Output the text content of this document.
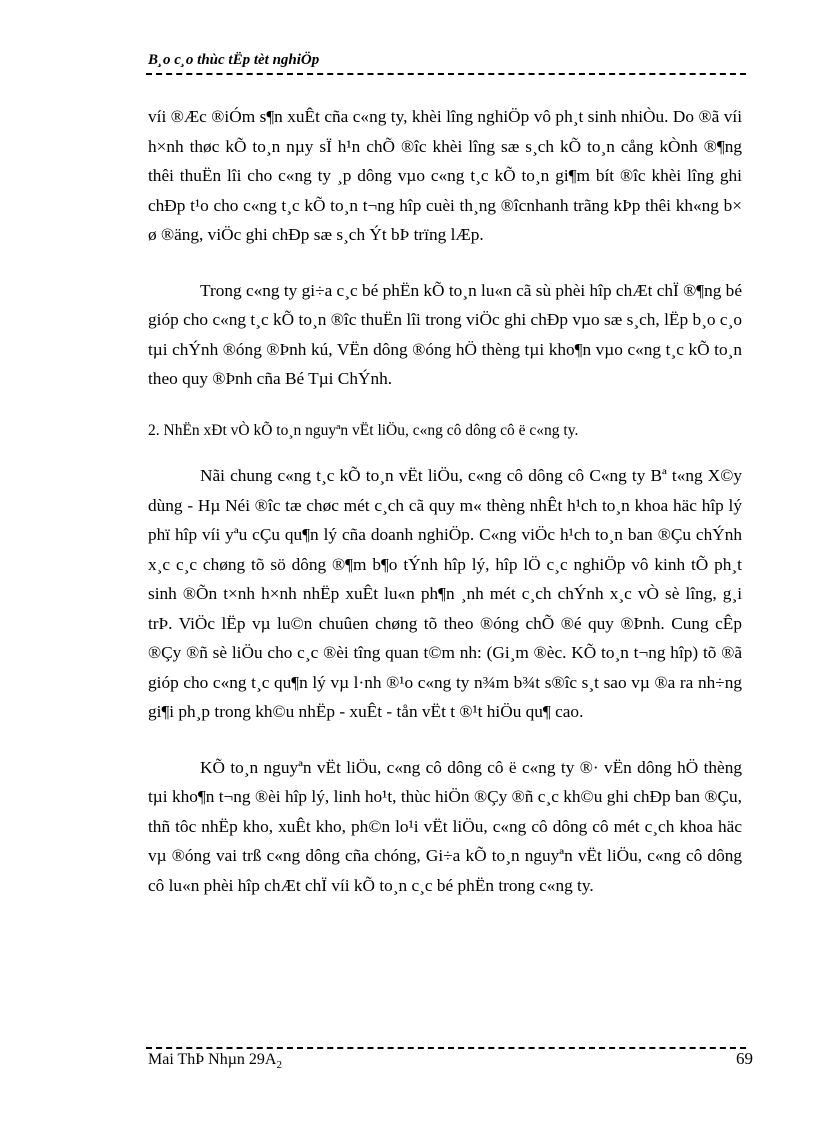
B¸o c¸o thùc tËp tèt nghiÖp

víi ®Æc ®iÓm s¶n xuÊt cña c«ng ty, khèi lîng nghiÖp vô ph¸t sinh nhiÒu. Do ®ã víi h×nh thøc kÕ to¸n nµy sÏ h¹n chÕ ®îc khèi lîng sæ s¸ch kÕ to¸n cång kÒnh ®¶ng thêi thuËn lîi cho c«ng ty ¸p dông vµo c«ng t¸c kÕ to¸n gi¶m bít ®îc khèi lîng ghi chÐp t¹o cho c«ng t¸c kÕ to¸n t¬ng hîp cuèi th¸ng ®îcnhanh trãng kÞp thêi kh«ng b× ø ®äng, viÖc ghi chÐp sæ s¸ch Ýt bÞ trïng lÆp.

Trong c«ng ty gi÷a c¸c bé phËn kÕ to¸n lu«n cã sù phèi hîp chÆt chÏ ®¶ng bé gióp cho c«ng t¸c kÕ to¸n ®îc thuËn lîi trong viÖc ghi chÐp vµo sæ s¸ch, lËp b¸o c¸o tµi chÝnh ®óng ®Þnh kú, VËn dông ®óng hÖ thèng tµi kho¶n vµo c«ng t¸c kÕ to¸n theo quy ®Þnh cña Bé Tµi ChÝnh.

2. NhËn xÐt vÒ kÕ to¸n nguyªn vËt liÖu, c«ng cô dông cô ë c«ng ty.

Nãi chung c«ng t¸c kÕ to¸n vËt liÖu, c«ng cô dông cô C«ng ty Bª t«ng X©y dùng - Hµ Néi ®îc tæ chøc mét c¸ch cã quy m« thèng nhÊt h¹ch to¸n khoa häc hîp lý phï hîp víi yªu cÇu qu¶n lý cña doanh nghiÖp. C«ng viÖc h¹ch to¸n ban ®Çu chÝnh x¸c c¸c chøng tõ sö dông ®¶m b¶o tÝnh hîp lý, hîp lÖ c¸c nghiÖp vô kinh tÕ ph¸t sinh ®Õn t×nh h×nh nhËp xuÊt lu«n ph¶n ¸nh mét c¸ch chÝnh x¸c vÒ sè lîng, g¸i trÞ. ViÖc lËp vµ lu©n chuûen chøng tõ theo ®óng chÕ ®é quy ®Þnh. Cung cÊp ®Çy ®ñ sè liÖu cho c¸c ®èi tîng quan t©m nh: (Gi¸m ®èc. KÕ to¸n t¬ng hîp) tõ ®ã gióp cho c«ng t¸c qu¶n lý vµ l·nh ®¹o c«ng ty n¾m b¾t s®îc s¸t sao vµ ®a ra nh÷ng gi¶i ph¸p trong kh©u nhËp - xuÊt - tån vËt t ®¹t hiÖu qu¶ cao.

KÕ to¸n nguyªn vËt liÖu, c«ng cô dông cô ë c«ng ty ®· vËn dông hÖ thèng tµi kho¶n t¬ng ®èi hîp lý, linh ho¹t, thùc hiÖn ®Çy ®ñ c¸c kh©u ghi chÐp ban ®Çu, thñ tôc nhËp kho, xuÊt kho, ph©n lo¹i vËt liÖu, c«ng cô dông cô mét c¸ch khoa häc vµ ®óng vai trß c«ng dông cña chóng, Gi÷a kÕ to¸n nguyªn vËt liÖu, c«ng cô dông cô lu«n phèi hîp chÆt chÏ víi kÕ to¸n c¸c bé phËn trong c«ng ty.

Mai ThÞ Nhµn $29A_2$	69
